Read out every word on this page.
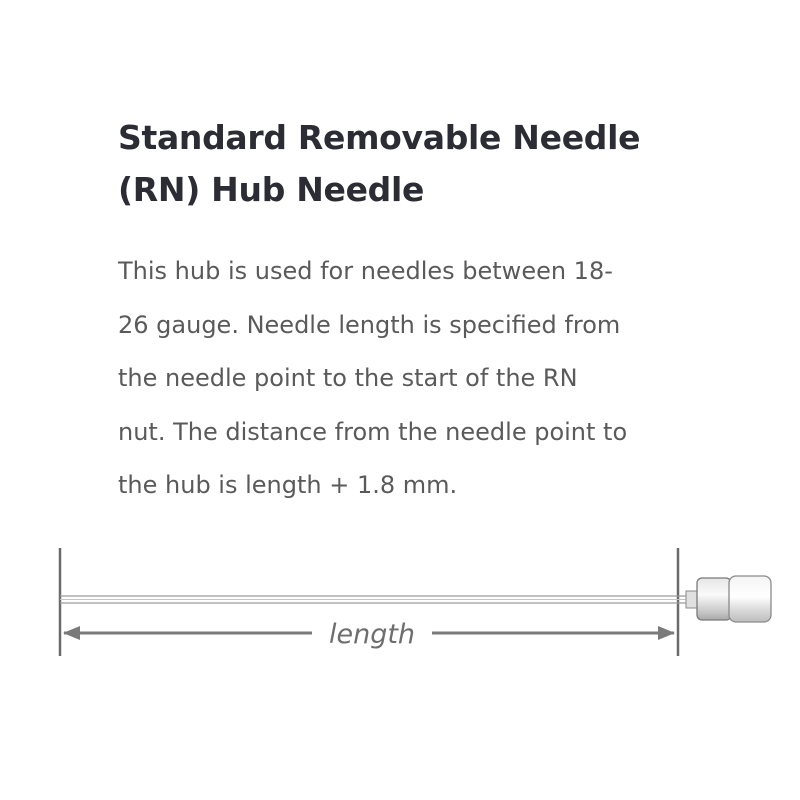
Standard Removable Needle
(RN) Hub Needle

This hub is used for needles between 18-
26 gauge. Needle length is specified from
the needle point to the start of the RN
nut. The distance from the needle point to
the hub is length + 1.8 mm.

length
